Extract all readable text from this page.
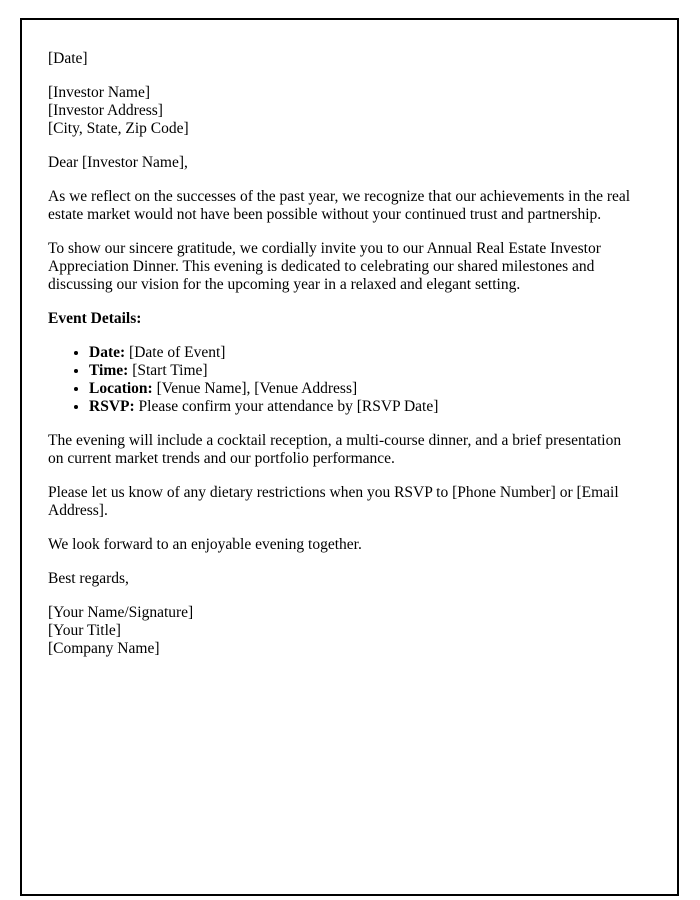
[Date]

[Investor Name]

[Investor Address]

[City, State, Zip Code]

Dear [Investor Name],

As we reflect on the successes of the past year, we recognize that our achievements in the real estate market would not have been possible without your continued trust and partnership.

To show our sincere gratitude, we cordially invite you to our Annual Real Estate Investor Appreciation Dinner. This evening is dedicated to celebrating our shared milestones and discussing our vision for the upcoming year in a relaxed and elegant setting.

Event Details:

• Date: [Date of Event]
• Time: [Start Time]
• Location: [Venue Name], [Venue Address]
• RSVP: Please confirm your attendance by [RSVP Date]

The evening will include a cocktail reception, a multi-course dinner, and a brief presentation on current market trends and our portfolio performance.

Please let us know of any dietary restrictions when you RSVP to [Phone Number] or [Email Address].

We look forward to an enjoyable evening together.

Best regards,

[Your Name/Signature]

[Your Title]

[Company Name]
